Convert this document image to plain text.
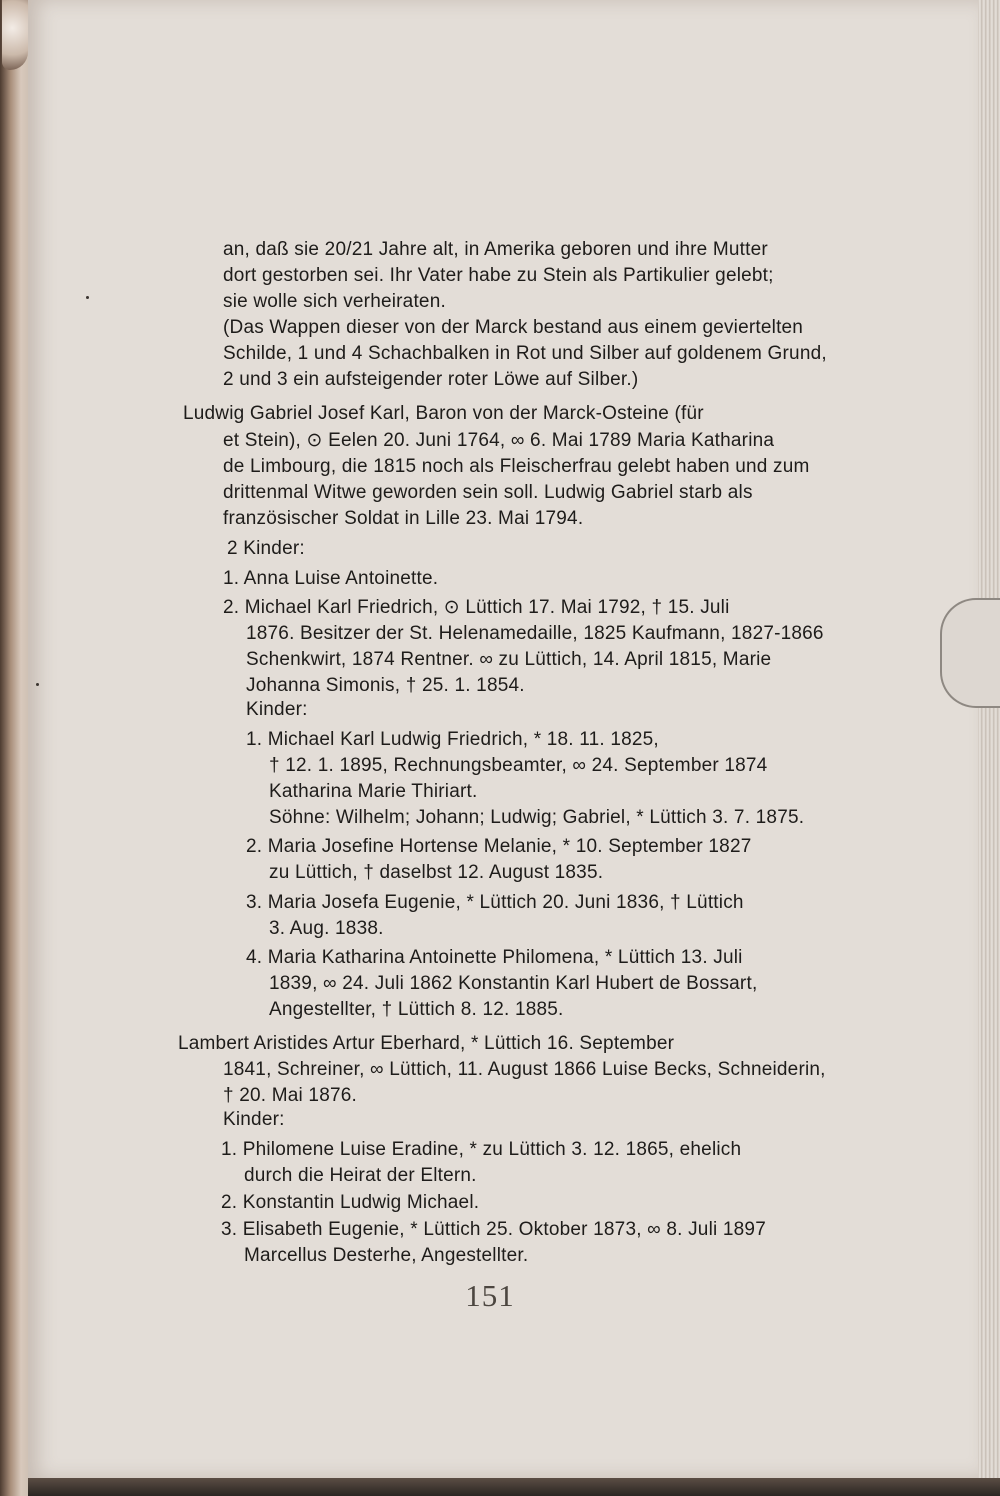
an, daß sie 20/21 Jahre alt, in Amerika geboren und ihre Mutter
dort gestorben sei. Ihr Vater habe zu Stein als Partikulier gelebt;
sie wolle sich verheiraten.
(Das Wappen dieser von der Marck bestand aus einem geviertelten
Schilde, 1 und 4 Schachbalken in Rot und Silber auf goldenem Grund,
2 und 3 ein aufsteigender roter Löwe auf Silber.)
Ludwig Gabriel Josef Karl, Baron von der Marck-Osteine (für
et Stein), ⊙ Eelen 20. Juni 1764, ∞ 6. Mai 1789 Maria Katharina
de Limbourg, die 1815 noch als Fleischerfrau gelebt haben und zum
drittenmal Witwe geworden sein soll. Ludwig Gabriel starb als
französischer Soldat in Lille 23. Mai 1794.
2 Kinder:
1. Anna Luise Antoinette.
2. Michael Karl Friedrich, ⊙ Lüttich 17. Mai 1792, † 15. Juli
1876. Besitzer der St. Helenamedaille, 1825 Kaufmann, 1827-1866
Schenkwirt, 1874 Rentner. ∞ zu Lüttich, 14. April 1815, Marie
Johanna Simonis, † 25. 1. 1854.
Kinder:
1. Michael Karl Ludwig Friedrich, * 18. 11. 1825,
† 12. 1. 1895, Rechnungsbeamter, ∞ 24. September 1874
Katharina Marie Thiriart.
Söhne: Wilhelm; Johann; Ludwig; Gabriel, * Lüttich 3. 7. 1875.
2. Maria Josefine Hortense Melanie, * 10. September 1827
zu Lüttich, † daselbst 12. August 1835.
3. Maria Josefa Eugenie, * Lüttich 20. Juni 1836, † Lüttich
3. Aug. 1838.
4. Maria Katharina Antoinette Philomena, * Lüttich 13. Juli
1839, ∞ 24. Juli 1862 Konstantin Karl Hubert de Bossart,
Angestellter, † Lüttich 8. 12. 1885.
Lambert Aristides Artur Eberhard, * Lüttich 16. September
1841, Schreiner, ∞ Lüttich, 11. August 1866 Luise Becks, Schneiderin,
† 20. Mai 1876.
Kinder:
1. Philomene Luise Eradine, * zu Lüttich 3. 12. 1865, ehelich
durch die Heirat der Eltern.
2. Konstantin Ludwig Michael.
3. Elisabeth Eugenie, * Lüttich 25. Oktober 1873, ∞ 8. Juli 1897
Marcellus Desterhe, Angestellter.
151
